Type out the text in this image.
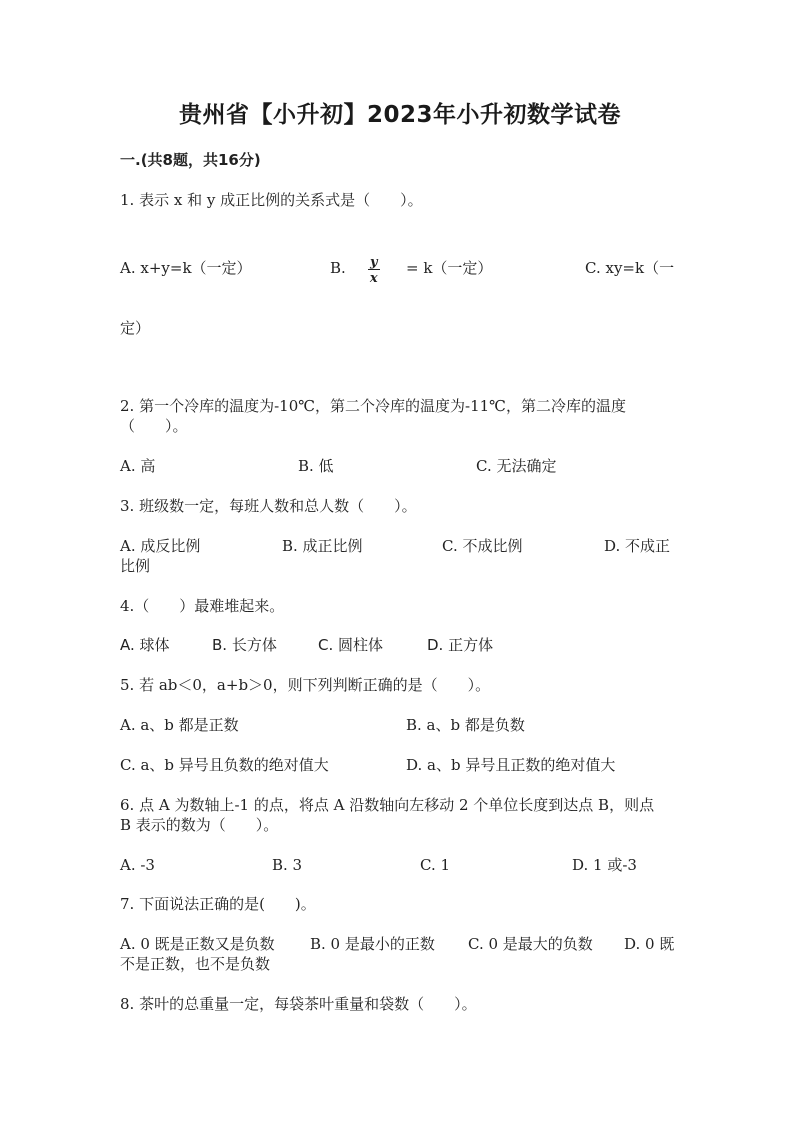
贵州省【小升初】2023年小升初数学试卷
一.(共8题，共16分)
1. 表示 x 和 y 成正比例的关系式是（　　）。
A. x+y=k（一定）	B. $\frac{y}{x} = k$（一定）	C. xy=k（一
定）
2. 第一个冷库的温度为-10℃，第二个冷库的温度为-11℃，第二冷库的温度
（　　）。
A. 高	B. 低	C. 无法确定
3. 班级数一定，每班人数和总人数（　　）。
A. 成反比例	B. 成正比例	C. 不成比例	D. 不成正
比例
4.（　　）最难堆起来。
A. 球体	B. 长方体	C. 圆柱体	D. 正方体
5. 若 ab＜0，a+b＞0，则下列判断正确的是（　　）。
A. a、b 都是正数	B. a、b 都是负数
C. a、b 异号且负数的绝对值大	D. a、b 异号且正数的绝对值大
6. 点 A 为数轴上-1 的点，将点 A 沿数轴向左移动 2 个单位长度到达点 B，则点
B 表示的数为（　　）。
A. -3	B. 3	C. 1	D. 1 或-3
7. 下面说法正确的是(　　)。
A. 0 既是正数又是负数 B. 0 是最小的正数 C. 0 是最大的负数 D. 0 既
不是正数，也不是负数
8. 茶叶的总重量一定，每袋茶叶重量和袋数（　　）。
